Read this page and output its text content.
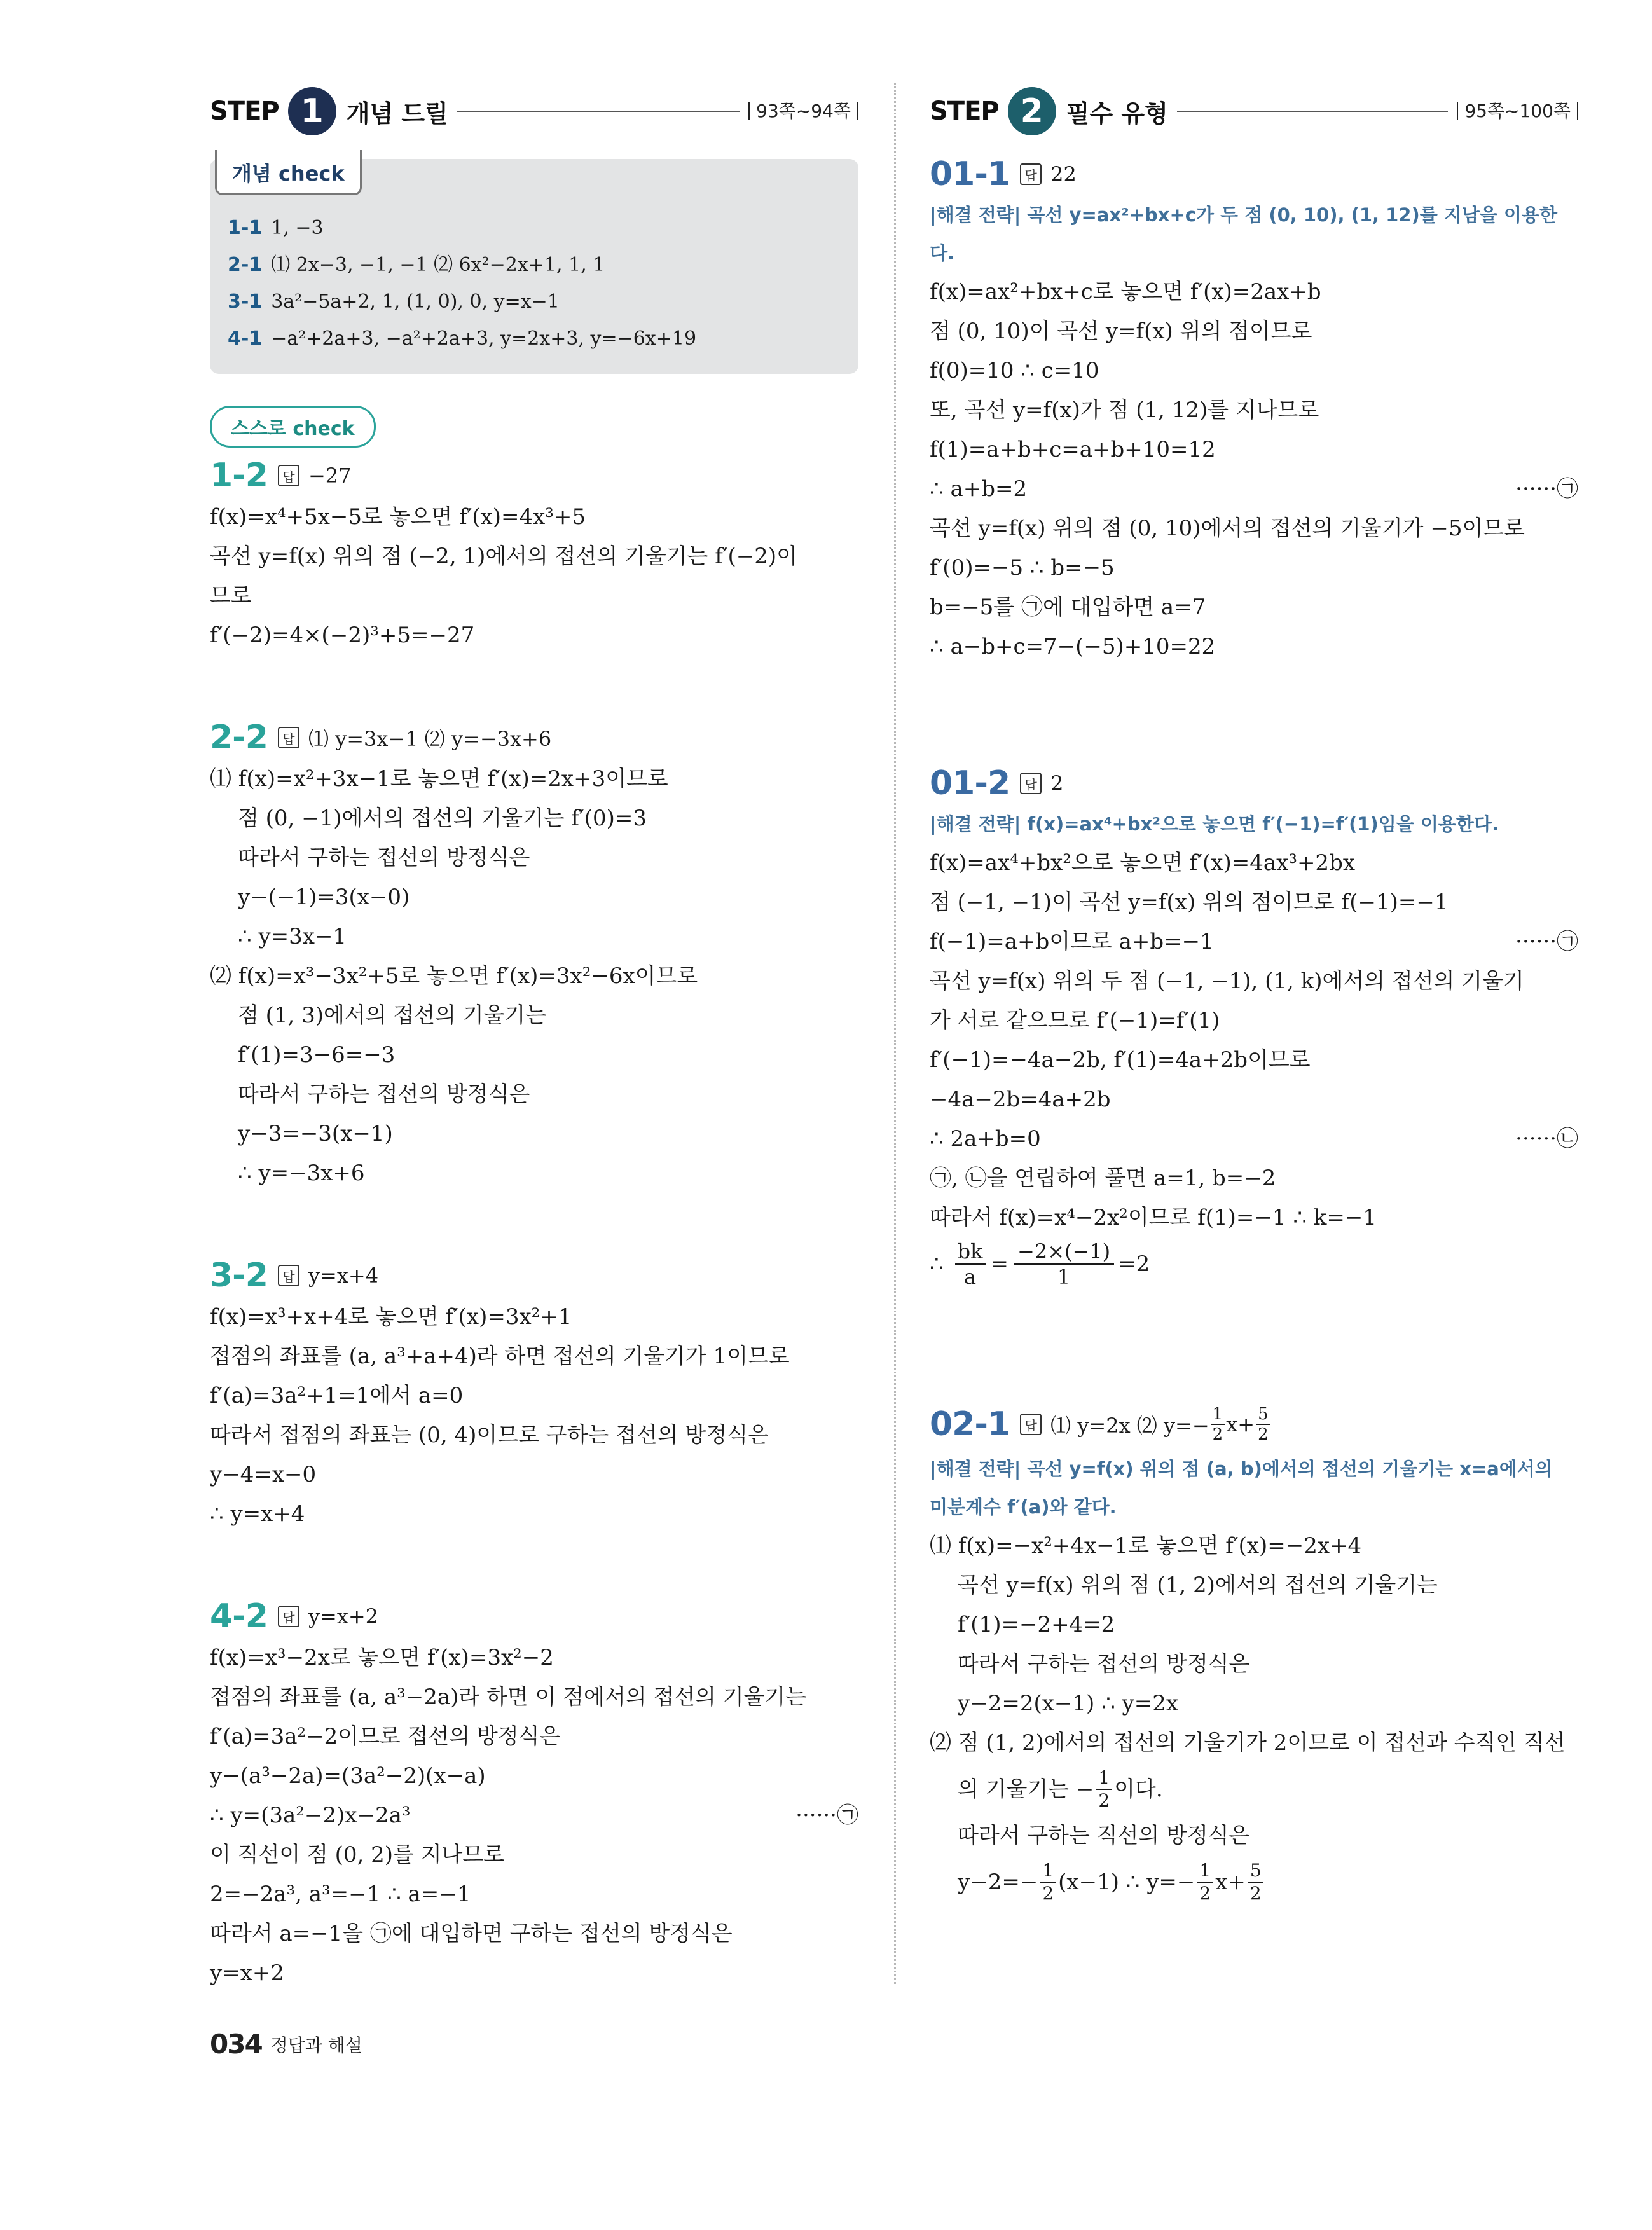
STEP 1 개념 드릴	93쪽~94쪽
개념 check
1-1 1, −3
2-1 ⑴ 2x−3, −1, −1 ⑵ 6x²−2x+1, 1, 1
3-1 3a²−5a+2, 1, (1, 0), 0, y=x−1
4-1 −a²+2a+3, −a²+2a+3, y=2x+3, y=−6x+19
스스로 check
1-2	답 −27
f(x)=x⁴+5x−5로 놓으면 f′(x)=4x³+5
곡선 y=f(x) 위의 점 (−2, 1)에서의 접선의 기울기는 f′(−2)이
므로
f′(−2)=4×(−2)³+5=−27
2-2	답 ⑴ y=3x−1 ⑵ y=−3x+6
⑴ f(x)=x²+3x−1로 놓으면 f′(x)=2x+3이므로
점 (0, −1)에서의 접선의 기울기는 f′(0)=3
따라서 구하는 접선의 방정식은
y−(−1)=3(x−0)
∴ y=3x−1
⑵ f(x)=x³−3x²+5로 놓으면 f′(x)=3x²−6x이므로
점 (1, 3)에서의 접선의 기울기는
f′(1)=3−6=−3
따라서 구하는 접선의 방정식은
y−3=−3(x−1)
∴ y=−3x+6
3-2	답 y=x+4
f(x)=x³+x+4로 놓으면 f′(x)=3x²+1
접점의 좌표를 (a, a³+a+4)라 하면 접선의 기울기가 1이므로
f′(a)=3a²+1=1에서 a=0
따라서 접점의 좌표는 (0, 4)이므로 구하는 접선의 방정식은
y−4=x−0
∴ y=x+4
4-2	답 y=x+2
f(x)=x³−2x로 놓으면 f′(x)=3x²−2
접점의 좌표를 (a, a³−2a)라 하면 이 점에서의 접선의 기울기는
f′(a)=3a²−2이므로 접선의 방정식은
y−(a³−2a)=(3a²−2)(x−a)
∴ y=(3a²−2)x−2a³	······㉠
이 직선이 점 (0, 2)를 지나므로
2=−2a³, a³=−1 ∴ a=−1
따라서 a=−1을 ㉠에 대입하면 구하는 접선의 방정식은
y=x+2
STEP 2 필수 유형	95쪽~100쪽
01-1	답 22
|해결 전략| 곡선 y=ax²+bx+c가 두 점 (0, 10), (1, 12)를 지남을 이용한다.
f(x)=ax²+bx+c로 놓으면 f′(x)=2ax+b
점 (0, 10)이 곡선 y=f(x) 위의 점이므로
f(0)=10 ∴ c=10
또, 곡선 y=f(x)가 점 (1, 12)를 지나므로
f(1)=a+b+c=a+b+10=12
∴ a+b=2	······㉠
곡선 y=f(x) 위의 점 (0, 10)에서의 접선의 기울기가 −5이므로
f′(0)=−5 ∴ b=−5
b=−5를 ㉠에 대입하면 a=7
∴ a−b+c=7−(−5)+10=22
01-2	답 2
|해결 전략| f(x)=ax⁴+bx²으로 놓으면 f′(−1)=f′(1)임을 이용한다.
f(x)=ax⁴+bx²으로 놓으면 f′(x)=4ax³+2bx
점 (−1, −1)이 곡선 y=f(x) 위의 점이므로 f(−1)=−1
f(−1)=a+b이므로 a+b=−1	······㉠
곡선 y=f(x) 위의 두 점 (−1, −1), (1, k)에서의 접선의 기울기
가 서로 같으므로 f′(−1)=f′(1)
f′(−1)=−4a−2b, f′(1)=4a+2b이므로
−4a−2b=4a+2b
∴ 2a+b=0	······㉡
㉠, ㉡을 연립하여 풀면 a=1, b=−2
따라서 f(x)=x⁴−2x²이므로 f(1)=−1 ∴ k=−1
∴ $\frac{bk}{a} = \frac{-2\times(-1)}{1} =2$
02-1	답 ⑴ y=2x ⑵ $y=- \frac{1}{2} x+ \frac{5}{2}$
|해결 전략| 곡선 y=f(x) 위의 점 (a, b)에서의 접선의 기울기는 x=a에서의
미분계수 f′(a)와 같다.
⑴ f(x)=−x²+4x−1로 놓으면 f′(x)=−2x+4
곡선 y=f(x) 위의 점 (1, 2)에서의 접선의 기울기는
f′(1)=−2+4=2
따라서 구하는 접선의 방정식은
y−2=2(x−1) ∴ y=2x
⑵ 점 (1, 2)에서의 접선의 기울기가 2이므로 이 접선과 수직인 직선
의 기울기는 − $\frac{1}{2}$ 이다.
따라서 구하는 직선의 방정식은
$y-2=- \frac{1}{2} (x-1)$ ∴ $y=- \frac{1}{2} x+ \frac{5}{2}$
034 정답과 해설
